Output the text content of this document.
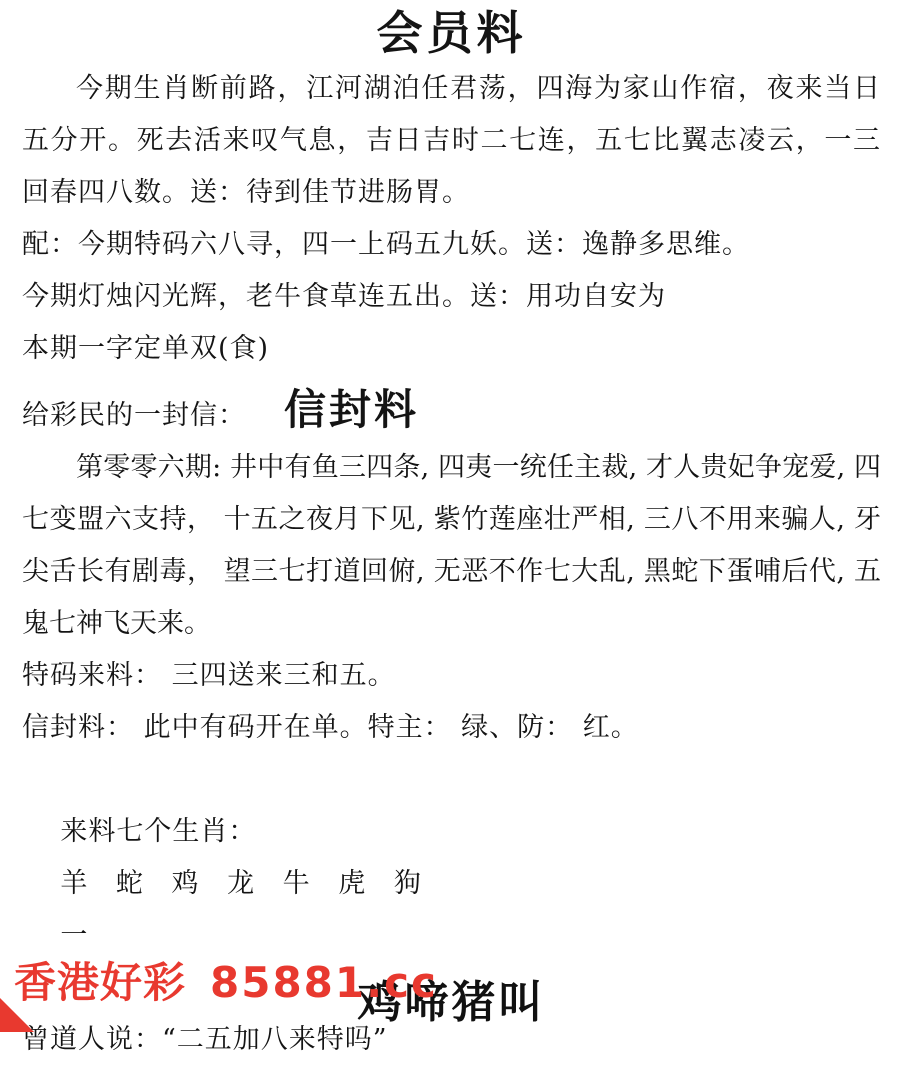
会员料

今期生肖断前路，江河湖泊任君荡，四海为家山作宿，夜来当日五分开。死去活来叹气息，吉日吉时二七连，五七比翼志凌云，一三回春四八数。送：待到佳节进肠胃。

配：今期特码六八寻，四一上码五九妖。送：逸静多思维。

今期灯烛闪光辉，老牛食草连五出。送：用功自安为

本期一字定单双(食)

给彩民的一封信： 信封料

第零零六期: 井中有鱼三四条, 四夷一统任主裁, 才人贵妃争宠爱, 四七变盟六支持， 十五之夜月下见, 紫竹莲座壮严相, 三八不用来骗人, 牙尖舌长有剧毒， 望三七打道回俯, 无恶不作七大乱, 黑蛇下蛋哺后代, 五鬼七神飞天来。

特码来料： 三四送来三和五。

信封料： 此中有码开在单。特主： 绿、防： 红。

来料七个生肖：
羊 蛇 鸡 龙 牛 虎 狗
一

曾道人说：“二五加八来特吗”

鸡啼猪叫
香港好彩 85881.cc
